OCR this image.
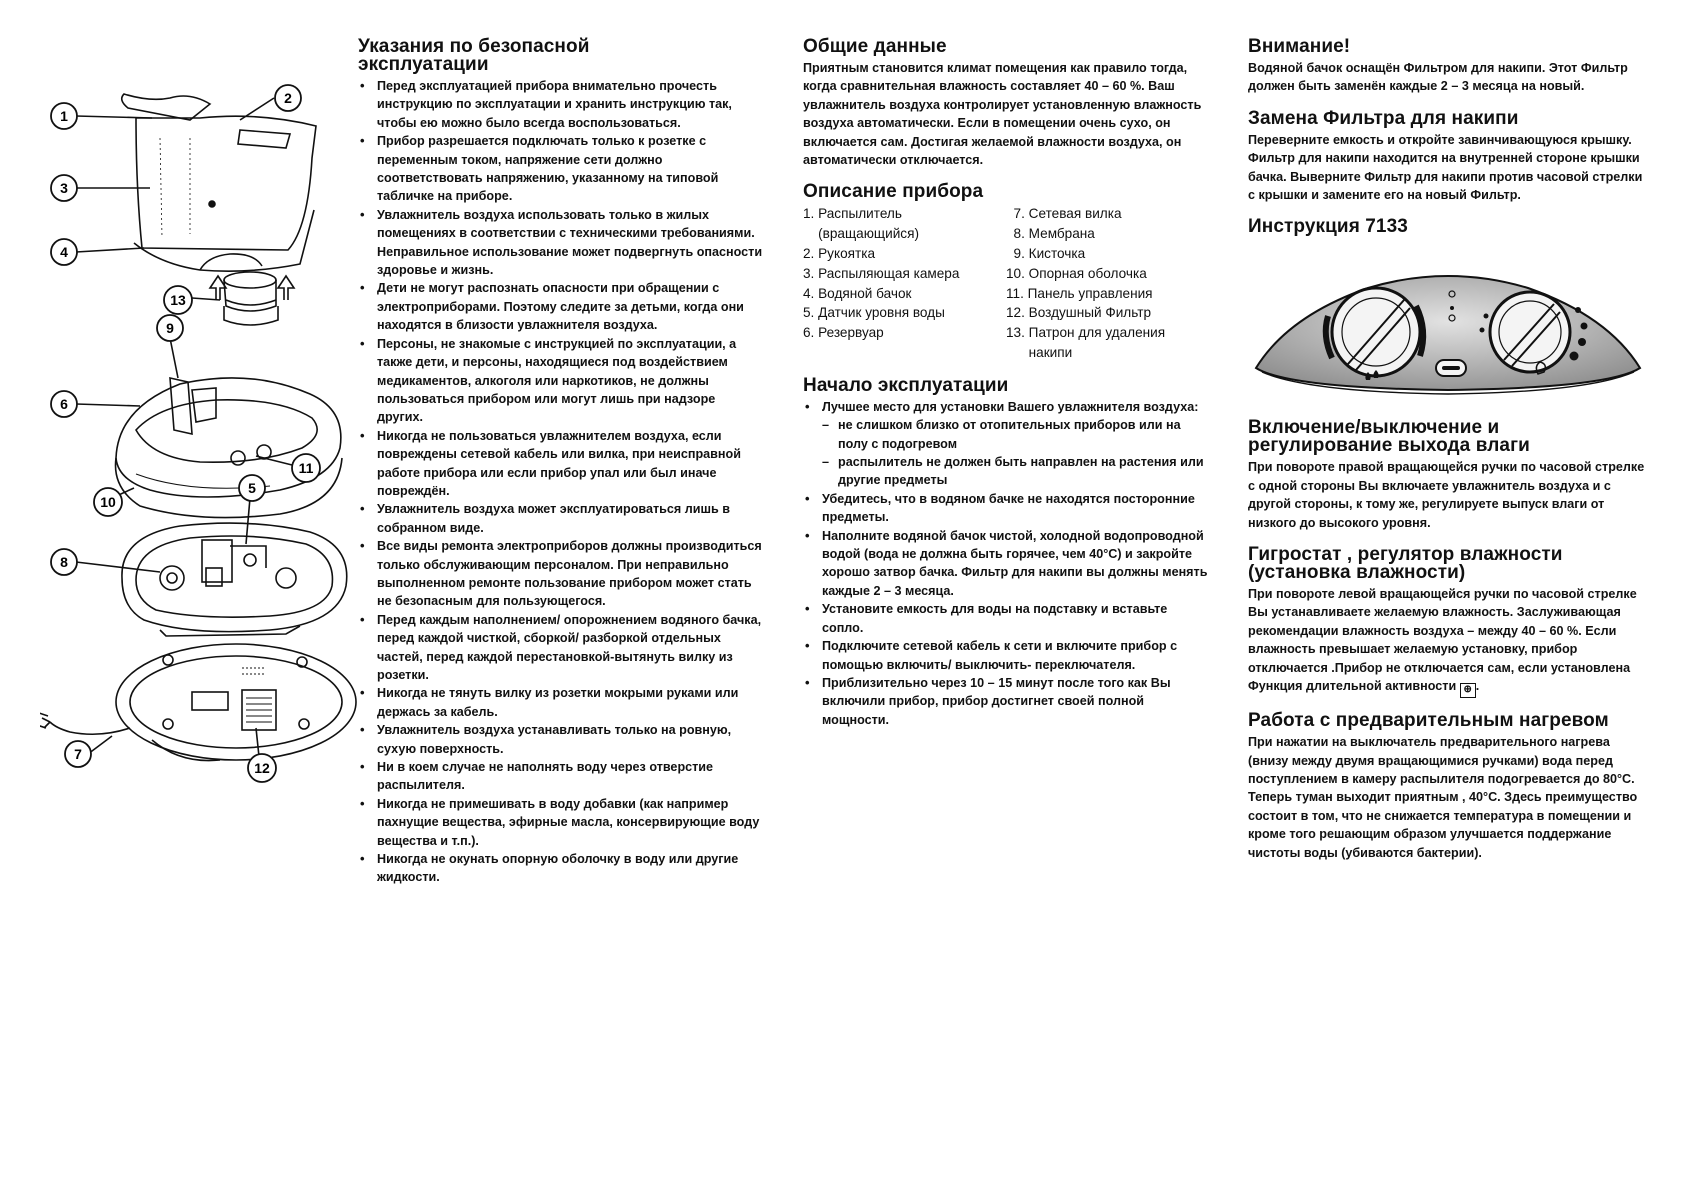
1
2
3
4
13
9
6
11
10
5
8
7
12
Указания по безопасной
эксплуатации
• Перед эксплуатацией прибора внимательно прочесть инструкцию по эксплуатации и хранить инструкцию так, чтобы ею можно было всегда воспользоваться.
• Прибор разрешается подключать только к розетке с переменным током, напряжение сети должно соответствовать напряжению, указанному на типовой табличке на приборе.
• Увлажнитель воздуха использовать только в жилых помещениях в соответствии с техническими требованиями. Неправильное использование может подвергнуть опасности здоровье и жизнь.
• Дети не могут распознать опасности при обращении с электроприборами. Поэтому следите за детьми, когда они находятся в близости увлажнителя воздуха.
• Персоны, не знакомые с инструкцией по эксплуатации, а также дети, и персоны, находящиеся под воздействием медикаментов, алкоголя или наркотиков, не должны пользоваться прибором или могут лишь при надзоре других.
• Никогда не пользоваться увлажнителем воздуха, если повреждены сетевой кабель или вилка, при неисправной работе прибора или если прибор упал или был иначе повреждён.
• Увлажнитель воздуха может эксплуатироваться лишь в собранном виде.
• Все виды ремонта электроприборов должны производиться только обслуживающим персоналом. При неправильно выполненном ремонте пользование прибором может стать не безопасным для пользующегося.
• Перед каждым наполнением/ опорожнением водяного бачка, перед каждой чисткой, сборкой/ разборкой отдельных частей, перед каждой перестановкой-вытянуть вилку из розетки.
• Никогда не тянуть вилку из розетки мокрыми руками или держась за кабель.
• Увлажнитель воздуха устанавливать только на ровную, сухую поверхность.
• Ни в коем случае не наполнять воду через отверстие распылителя.
• Никогда не примешивать в воду добавки (как например пахнущие вещества, эфирные масла, консервирующие воду вещества и т.п.).
• Никогда не окунать опорную оболочку в воду или другие жидкости.
Общие данные

Приятным становится климат помещения как правило тогда, когда сравнительная влажность составляет 40 – 60 %. Ваш увлажнитель воздуха контролирует установленную влажность воздуха автоматически. Если в помещении очень сухо, он включается сам. Достигая желаемой влажности воздуха, он автоматически отключается.

Описание прибора
1. Распылитель
(вращающийся)
2. Рукоятка
3. Распыляющая камера
4. Водяной бачок
5. Датчик уровня воды
6. Резервуар
7. Сетевая вилка
8. Мембрана
9. Кисточка
10. Опорная оболочка
11. Панель управления
12. Воздушный Фильтр
13. Патрон для удаления
накипи
Начало эксплуатации
• Лучшее место для установки Вашего увлажнителя воздуха:
– не слишком близко от отопительных приборов или на полу с подогревом
– распылитель не должен быть направлен на растения или другие предметы
• Убедитесь, что в водяном бачке не находятся посторонние предметы.
• Наполните водяной бачок чистой, холодной водопроводной водой (вода не должна быть горячее, чем 40°C) и закройте хорошо затвор бачка. Фильтр для накипи вы должны менять каждые 2 – 3 месяца.
• Установите емкость для воды на подставку и вставьте сопло.
• Подключите сетевой кабель к сети и включите прибор с помощью включить/ выключить- переключателя.
• Приблизительно через 10 – 15 минут после того как Вы включили прибор, прибор достигнет своей полной мощности.
Внимание!

Водяной бачок оснащён Фильтром для накипи. Этот Фильтр должен быть заменён каждые 2 – 3 месяца на новый.

Замена Фильтра для накипи

Переверните емкость и откройте завинчивающуюся крышку. Фильтр для накипи находится на внутренней стороне крышки бачка. Выверните Фильтр для накипи против часовой стрелки с крышки и замените его на новый Фильтр.

Инструкция 7133
Включение/выключение и
регулирование выхода влаги

При повороте правой вращающейся ручки по часовой стрелке с одной стороны Вы включаете увлажнитель воздуха и с другой стороны, к тому же, регулируете выпуск влаги от низкого до высокого уровня.

Гигростат , регулятор влажности
(установка влажности)

При повороте левой вращающейся ручки по часовой стрелке Вы устанавливаете желаемую влажность. Заслуживающая рекомендации влажность воздуха – между 40 – 60 %. Если влажность превышает желаемую установку, прибор отключается .Прибор не отключается сам, если установлена Функция длительной активности ⊕ .

Работа с предварительным нагревом

При нажатии на выключатель предварительного нагрева (внизу между двумя вращающимися ручками) вода перед поступлением в камеру распылителя подогревается до 80°C. Теперь туман выходит приятным , 40°C. Здесь преимущество состоит в том, что не снижается температура в помещении и кроме того решающим образом улучшается поддержание чистоты воды (убиваются бактерии).
